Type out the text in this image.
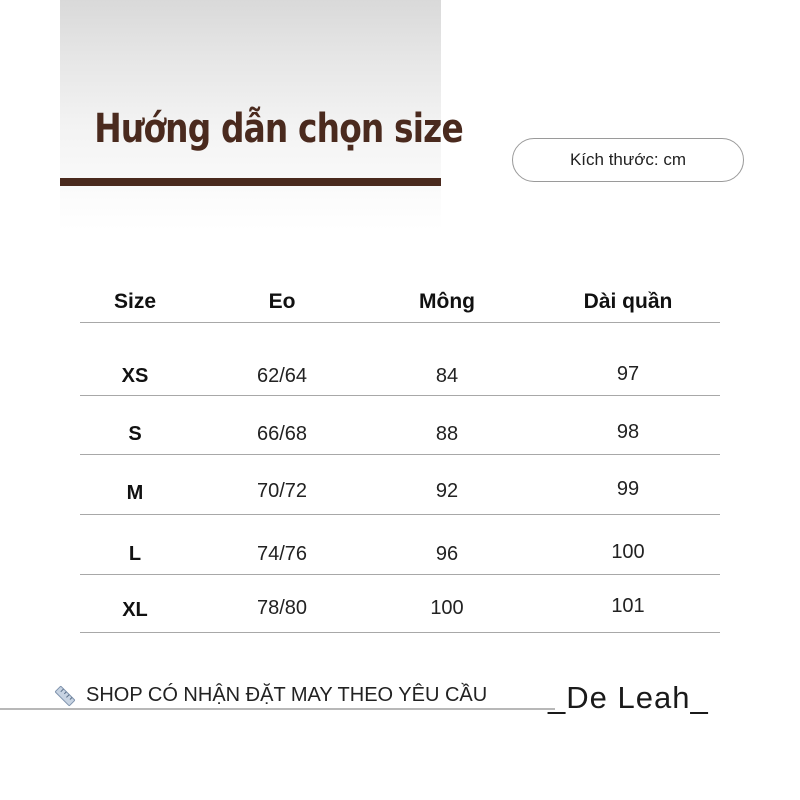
Hướng dẫn chọn size
Kích thước: cm
Size	Eo	Mông	Dài quần
XS	62/64	84	97
S	66/68	88	98
M	70/72	92	99
L	74/76	96	100
XL	78/80	100	101
SHOP CÓ NHẬN ĐẶT MAY THEO YÊU CẦU _De Leah_
